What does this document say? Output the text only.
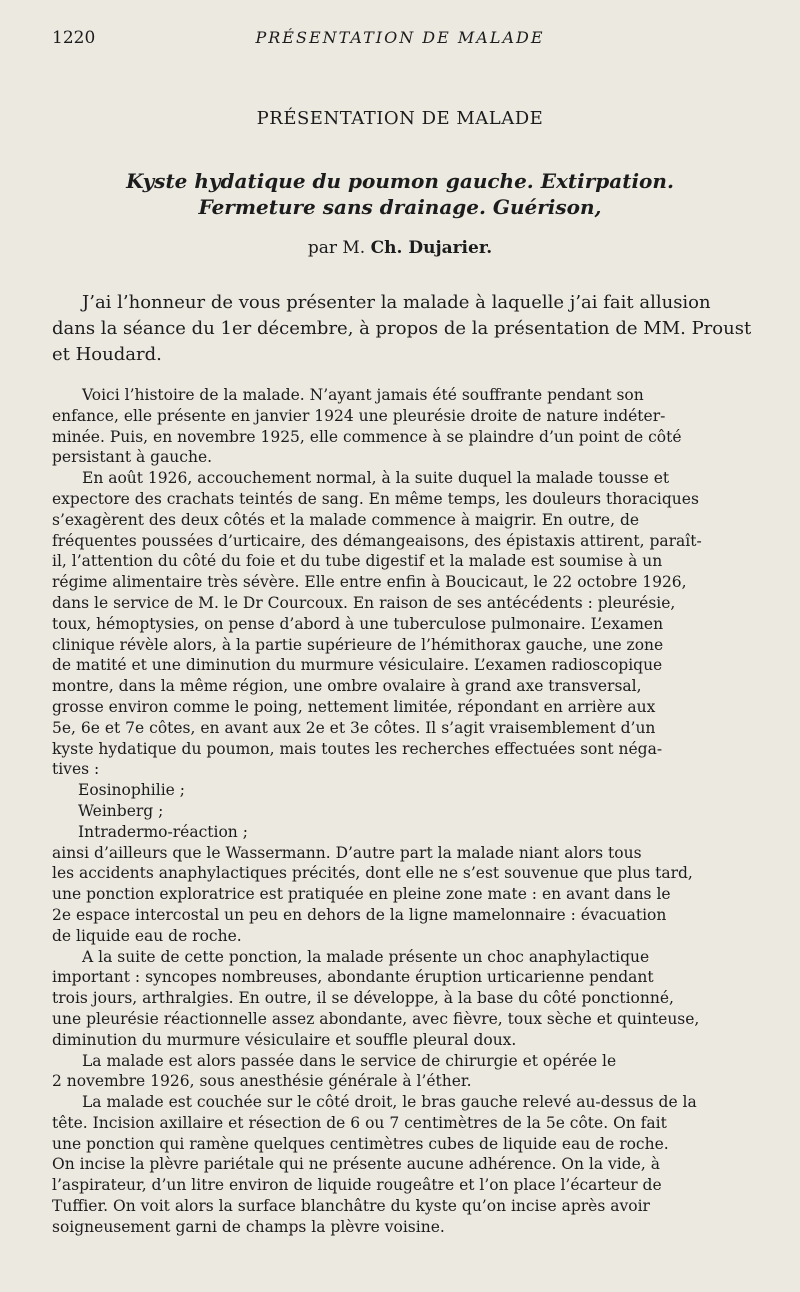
1220	PRÉSENTATION DE MALADE
PRÉSENTATION DE MALADE
Kyste hydatique du poumon gauche. Extirpation.
Fermeture sans drainage. Guérison,
par M. Ch. Dujarier.
J’ai l’honneur de vous présenter la malade à laquelle j’ai fait allusion
dans la séance du 1er décembre, à propos de la présentation de MM. Proust
et Houdard.
Voici l’histoire de la malade. N’ayant jamais été souffrante pendant son
enfance, elle présente en janvier 1924 une pleurésie droite de nature indéter-
minée. Puis, en novembre 1925, elle commence à se plaindre d’un point de côté
persistant à gauche.
En août 1926, accouchement normal, à la suite duquel la malade tousse et
expectore des crachats teintés de sang. En même temps, les douleurs thoraciques
s’exagèrent des deux côtés et la malade commence à maigrir. En outre, de
fréquentes poussées d’urticaire, des démangeaisons, des épistaxis attirent, paraît-
il, l’attention du côté du foie et du tube digestif et la malade est soumise à un
régime alimentaire très sévère. Elle entre enfin à Boucicaut, le 22 octobre 1926,
dans le service de M. le Dr Courcoux. En raison de ses antécédents : pleurésie,
toux, hémoptysies, on pense d’abord à une tuberculose pulmonaire. L’examen
clinique révèle alors, à la partie supérieure de l’hémithorax gauche, une zone
de matité et une diminution du murmure vésiculaire. L’examen radioscopique
montre, dans la même région, une ombre ovalaire à grand axe transversal,
grosse environ comme le poing, nettement limitée, répondant en arrière aux
5e, 6e et 7e côtes, en avant aux 2e et 3e côtes. Il s’agit vraisemblement d’un
kyste hydatique du poumon, mais toutes les recherches effectuées sont néga-
tives :
Eosinophilie ;
Weinberg ;
Intradermo-réaction ;
ainsi d’ailleurs que le Wassermann. D’autre part la malade niant alors tous
les accidents anaphylactiques précités, dont elle ne s’est souvenue que plus tard,
une ponction exploratrice est pratiquée en pleine zone mate : en avant dans le
2e espace intercostal un peu en dehors de la ligne mamelonnaire : évacuation
de liquide eau de roche.
A la suite de cette ponction, la malade présente un choc anaphylactique
important : syncopes nombreuses, abondante éruption urticarienne pendant
trois jours, arthralgies. En outre, il se développe, à la base du côté ponctionné,
une pleurésie réactionnelle assez abondante, avec fièvre, toux sèche et quinteuse,
diminution du murmure vésiculaire et souffle pleural doux.
La malade est alors passée dans le service de chirurgie et opérée le
2 novembre 1926, sous anesthésie générale à l’éther.
La malade est couchée sur le côté droit, le bras gauche relevé au-dessus de la
tête. Incision axillaire et résection de 6 ou 7 centimètres de la 5e côte. On fait
une ponction qui ramène quelques centimètres cubes de liquide eau de roche.
On incise la plèvre pariétale qui ne présente aucune adhérence. On la vide, à
l’aspirateur, d’un litre environ de liquide rougeâtre et l’on place l’écarteur de
Tuffier. On voit alors la surface blanchâtre du kyste qu’on incise après avoir
soigneusement garni de champs la plèvre voisine.
